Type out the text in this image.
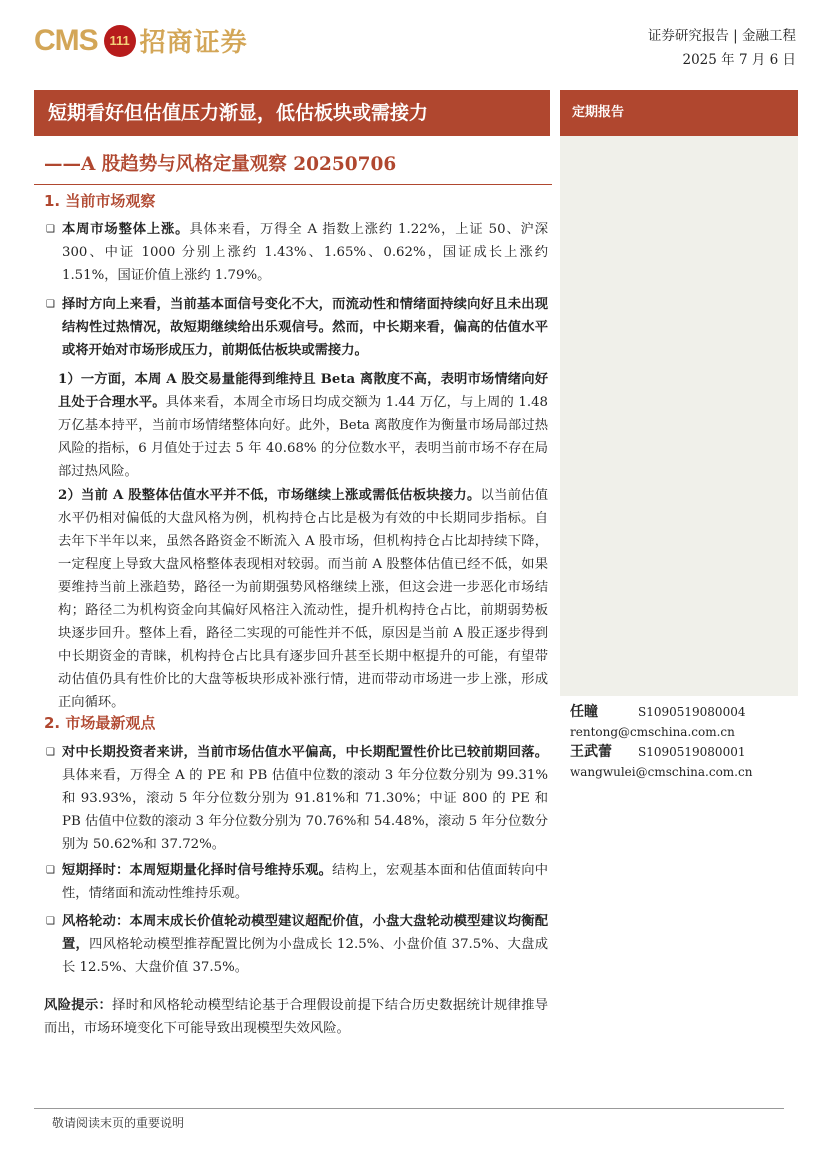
CMS 111 招商证券	证券研究报告 | 金融工程
2025 年 7 月 6 日
定期报告
短期看好但估值压力渐显，低估板块或需接力
——A 股趋势与风格定量观察 20250706
1. 当前市场观察
❑ 本周市场整体上涨。具体来看，万得全 A 指数上涨约 1.22%，上证 50、沪深 300、中证 1000 分别上涨约 1.43%、1.65%、0.62%，国证成长上涨约 1.51%，国证价值上涨约 1.79%。
❑ 择时方向上来看，当前基本面信号变化不大，而流动性和情绪面持续向好且未出现结构性过热情况，故短期继续给出乐观信号。然而，中长期来看，偏高的估值水平或将开始对市场形成压力，前期低估板块或需接力。
1）一方面，本周 A 股交易量能得到维持且 Beta 离散度不高，表明市场情绪向好且处于合理水平。具体来看，本周全市场日均成交额为 1.44 万亿，与上周的 1.48 万亿基本持平，当前市场情绪整体向好。此外，Beta 离散度作为衡量市场局部过热风险的指标，6 月值处于过去 5 年 40.68% 的分位数水平，表明当前市场不存在局部过热风险。
2）当前 A 股整体估值水平并不低，市场继续上涨或需低估板块接力。以当前估值水平仍相对偏低的大盘风格为例，机构持仓占比是极为有效的中长期同步指标。自去年下半年以来，虽然各路资金不断流入 A 股市场，但机构持仓占比却持续下降，一定程度上导致大盘风格整体表现相对较弱。而当前 A 股整体估值已经不低，如果要维持当前上涨趋势，路径一为前期强势风格继续上涨，但这会进一步恶化市场结构；路径二为机构资金向其偏好风格注入流动性，提升机构持仓占比，前期弱势板块逐步回升。整体上看，路径二实现的可能性并不低，原因是当前 A 股正逐步得到中长期资金的青睐，机构持仓占比具有逐步回升甚至长期中枢提升的可能，有望带动估值仍具有性价比的大盘等板块形成补涨行情，进而带动市场进一步上涨，形成正向循环。
2. 市场最新观点
❑ 对中长期投资者来讲，当前市场估值水平偏高，中长期配置性价比已较前期回落。具体来看，万得全 A 的 PE 和 PB 估值中位数的滚动 3 年分位数分别为 99.31%和 93.93%，滚动 5 年分位数分别为 91.81%和 71.30%；中证 800 的 PE 和 PB 估值中位数的滚动 3 年分位数分别为 70.76%和 54.48%，滚动 5 年分位数分别为 50.62%和 37.72%。
❑ 短期择时：本周短期量化择时信号维持乐观。结构上，宏观基本面和估值面转向中性，情绪面和流动性维持乐观。
❑ 风格轮动：本周末成长价值轮动模型建议超配价值，小盘大盘轮动模型建议均衡配置，四风格轮动模型推荐配置比例为小盘成长 12.5%、小盘价值 37.5%、大盘成长 12.5%、大盘价值 37.5%。
风险提示：择时和风格轮动模型结论基于合理假设前提下结合历史数据统计规律推导而出，市场环境变化下可能导致出现模型失效风险。
任瞳	S1090519080004
rentong@cmschina.com.cn
王武蕾 S1090519080001
wangwulei@cmschina.com.cn
敬请阅读末页的重要说明
